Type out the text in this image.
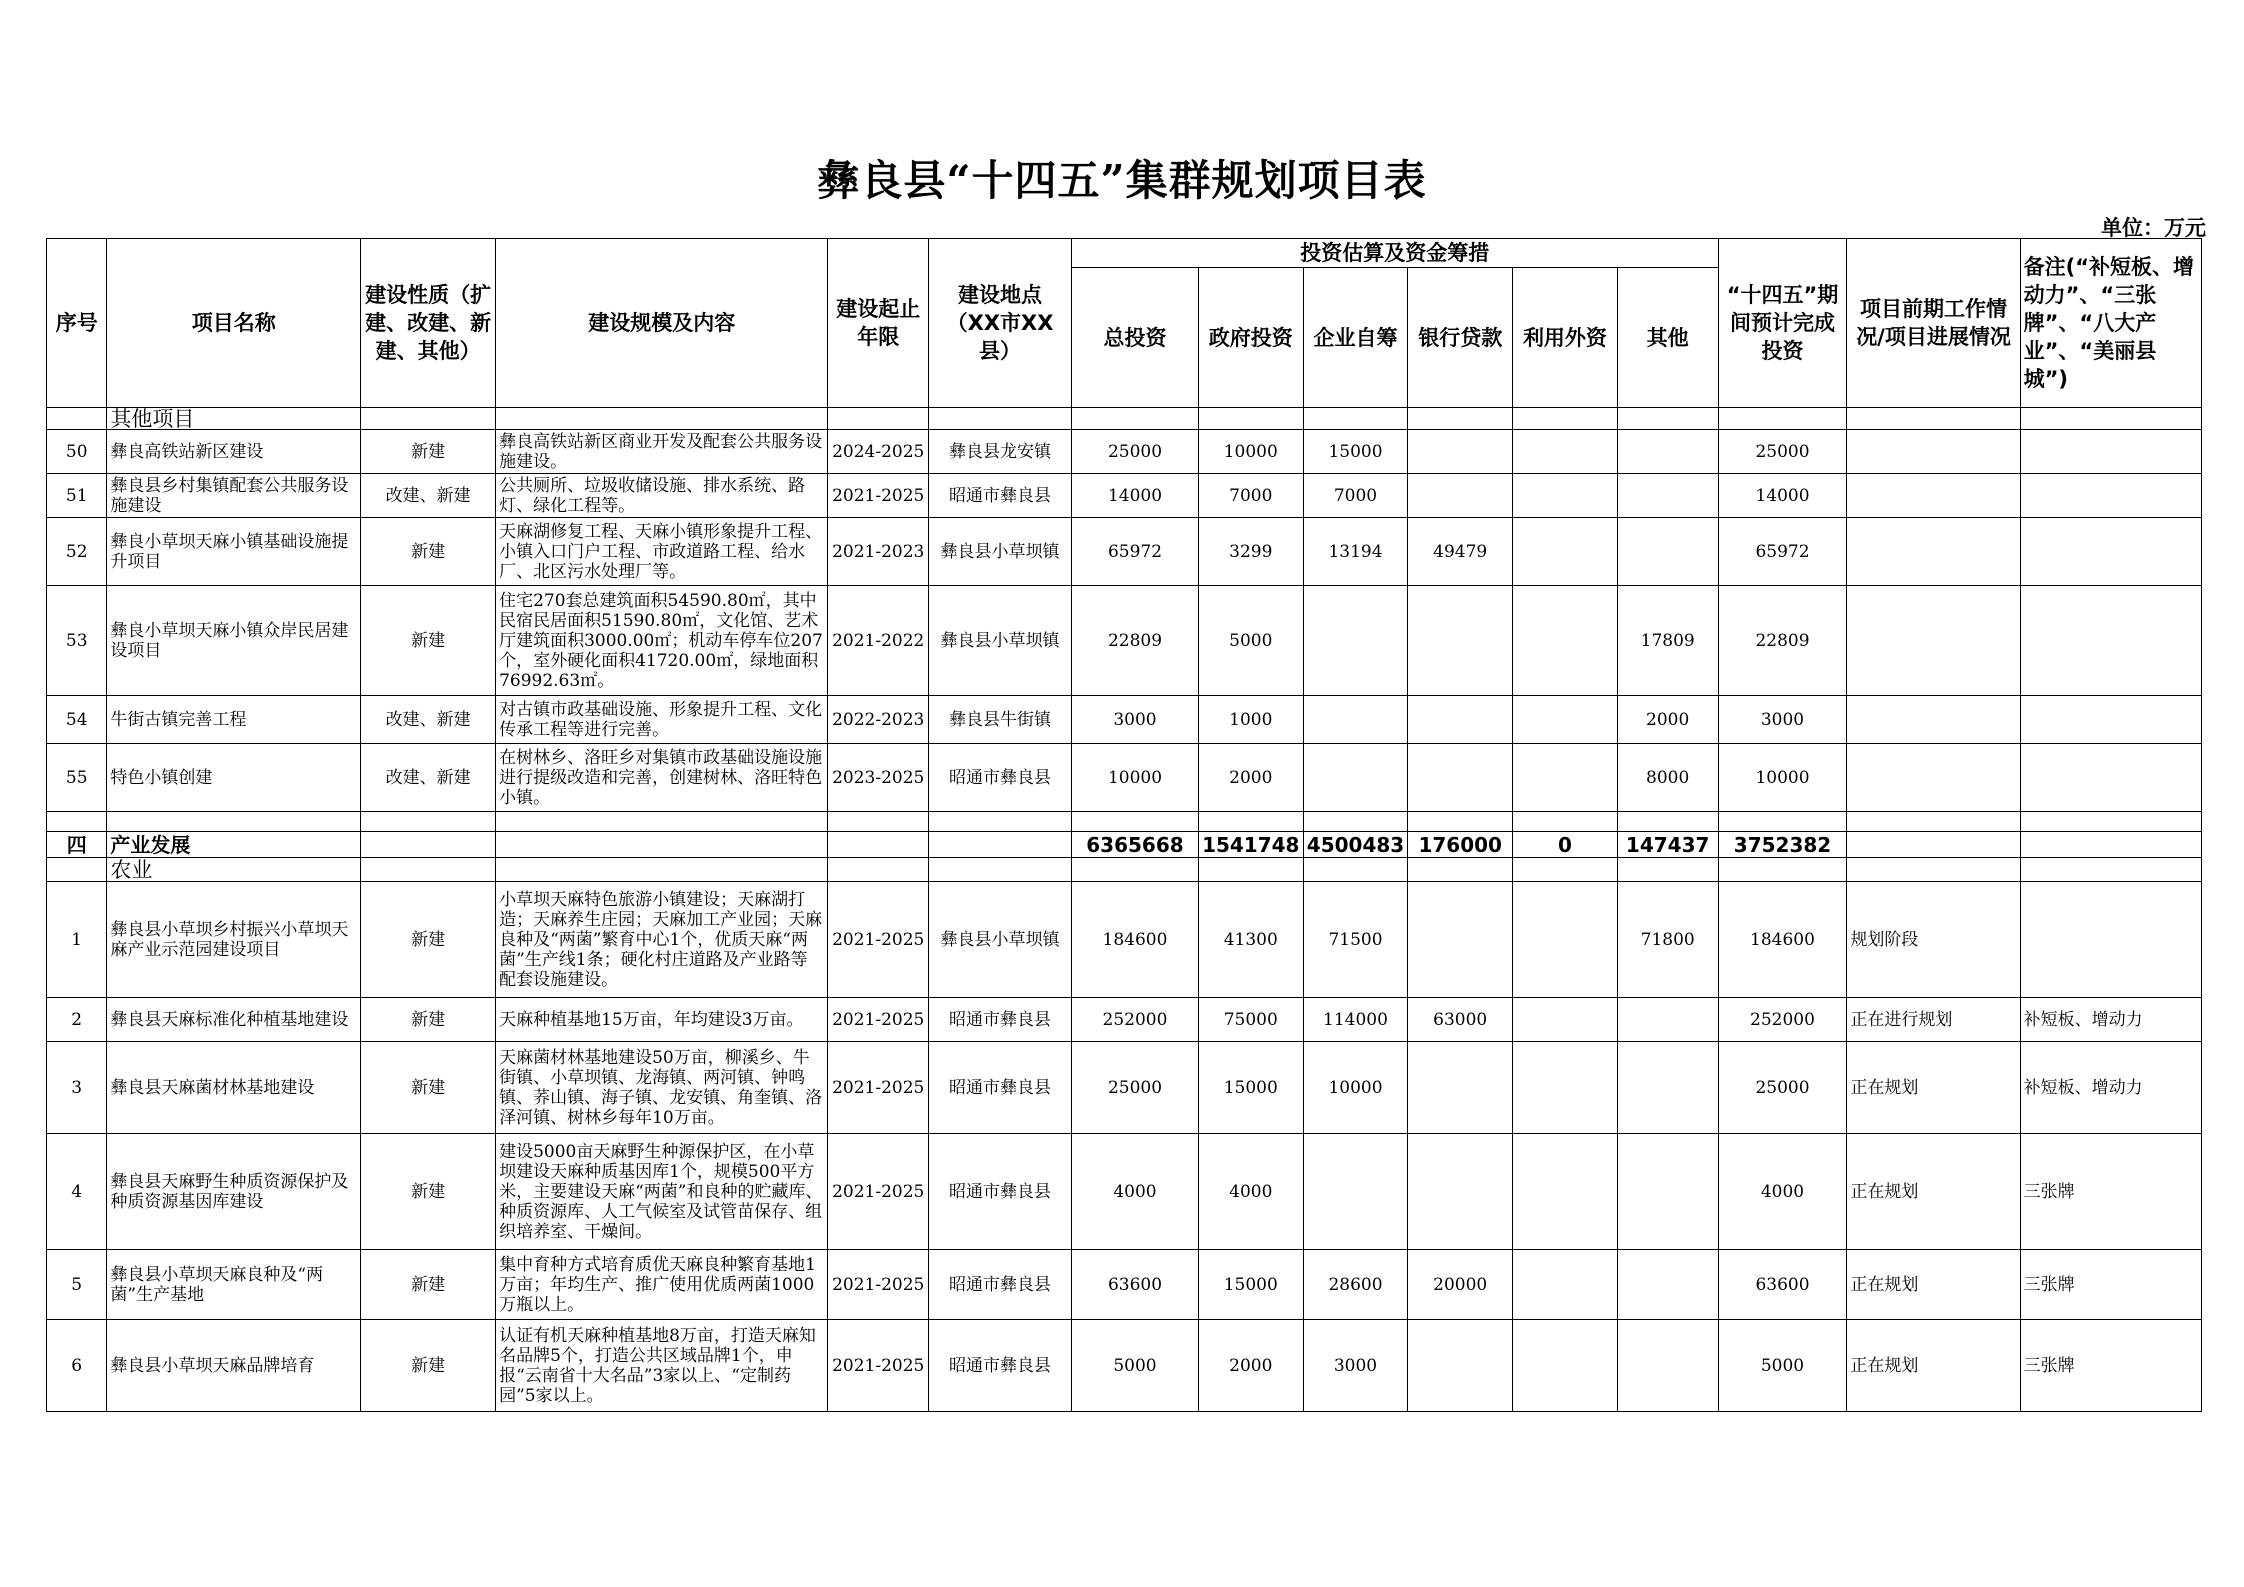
彝良县“十四五”集群规划项目表
单位：万元
序号	项目名称	建设性质（扩建、改建、新建、其他）	建设规模及内容	建设起止年限	建设地点（XX市XX县）	投资估算及资金筹措						“十四五”期间预计完成投资	项目前期工作情况/项目进展情况	备注(“补短板、增动力”、“三张牌”、“八大产业”、“美丽县城”)
						总投资	政府投资	企业自筹	银行贷款	利用外资	其他			
	其他项目													
50	彝良高铁站新区建设	新建	彝良高铁站新区商业开发及配套公共服务设施建设。	2024-2025	彝良县龙安镇	25000	10000	15000				25000		
51	彝良县乡村集镇配套公共服务设施建设	改建、新建	公共厕所、垃圾收储设施、排水系统、路灯、绿化工程等。	2021-2025	昭通市彝良县	14000	7000	7000				14000		
52	彝良小草坝天麻小镇基础设施提升项目	新建	天麻湖修复工程、天麻小镇形象提升工程、小镇入口门户工程、市政道路工程、给水厂、北区污水处理厂等。	2021-2023	彝良县小草坝镇	65972	3299	13194	49479			65972		
53	彝良小草坝天麻小镇众岸民居建设项目	新建	住宅270套总建筑面积54590.80㎡，其中民宿民居面积51590.80㎡，文化馆、艺术厅建筑面积3000.00㎡；机动车停车位207个，室外硬化面积41720.00㎡，绿地面积76992.63㎡。	2021-2022	彝良县小草坝镇	22809	5000				17809	22809		
54	牛街古镇完善工程	改建、新建	对古镇市政基础设施、形象提升工程、文化传承工程等进行完善。	2022-2023	彝良县牛街镇	3000	1000				2000	3000		
55	特色小镇创建	改建、新建	在树林乡、洛旺乡对集镇市政基础设施设施进行提级改造和完善，创建树林、洛旺特色小镇。	2023-2025	昭通市彝良县	10000	2000				8000	10000		

四	产业发展					6365668	1541748	4500483	176000	0	147437	3752382		
	农业													
1	彝良县小草坝乡村振兴小草坝天麻产业示范园建设项目	新建	小草坝天麻特色旅游小镇建设；天麻湖打造；天麻养生庄园；天麻加工产业园；天麻良种及“两菌”繁育中心1个，优质天麻“两菌”生产线1条；硬化村庄道路及产业路等配套设施建设。	2021-2025	彝良县小草坝镇	184600	41300	71500			71800	184600	规划阶段	
2	彝良县天麻标准化种植基地建设	新建	天麻种植基地15万亩，年均建设3万亩。	2021-2025	昭通市彝良县	252000	75000	114000	63000			252000	正在进行规划	补短板、增动力
3	彝良县天麻菌材林基地建设	新建	天麻菌材林基地建设50万亩，柳溪乡、牛街镇、小草坝镇、龙海镇、两河镇、钟鸣镇、荞山镇、海子镇、龙安镇、角奎镇、洛泽河镇、树林乡每年10万亩。	2021-2025	昭通市彝良县	25000	15000	10000				25000	正在规划	补短板、增动力
4	彝良县天麻野生种质资源保护及种质资源基因库建设	新建	建设5000亩天麻野生种源保护区，在小草坝建设天麻种质基因库1个，规模500平方米，主要建设天麻“两菌”和良种的贮藏库、种质资源库、人工气候室及试管苗保存、组织培养室、干燥间。	2021-2025	昭通市彝良县	4000	4000					4000	正在规划	三张牌
5	彝良县小草坝天麻良种及“两菌”生产基地	新建	集中育种方式培育质优天麻良种繁育基地1万亩；年均生产、推广使用优质两菌1000万瓶以上。	2021-2025	昭通市彝良县	63600	15000	28600	20000			63600	正在规划	三张牌
6	彝良县小草坝天麻品牌培育	新建	认证有机天麻种植基地8万亩，打造天麻知名品牌5个，打造公共区域品牌1个，申报“云南省十大名品”3家以上、“定制药园”5家以上。	2021-2025	昭通市彝良县	5000	2000	3000				5000	正在规划	三张牌
